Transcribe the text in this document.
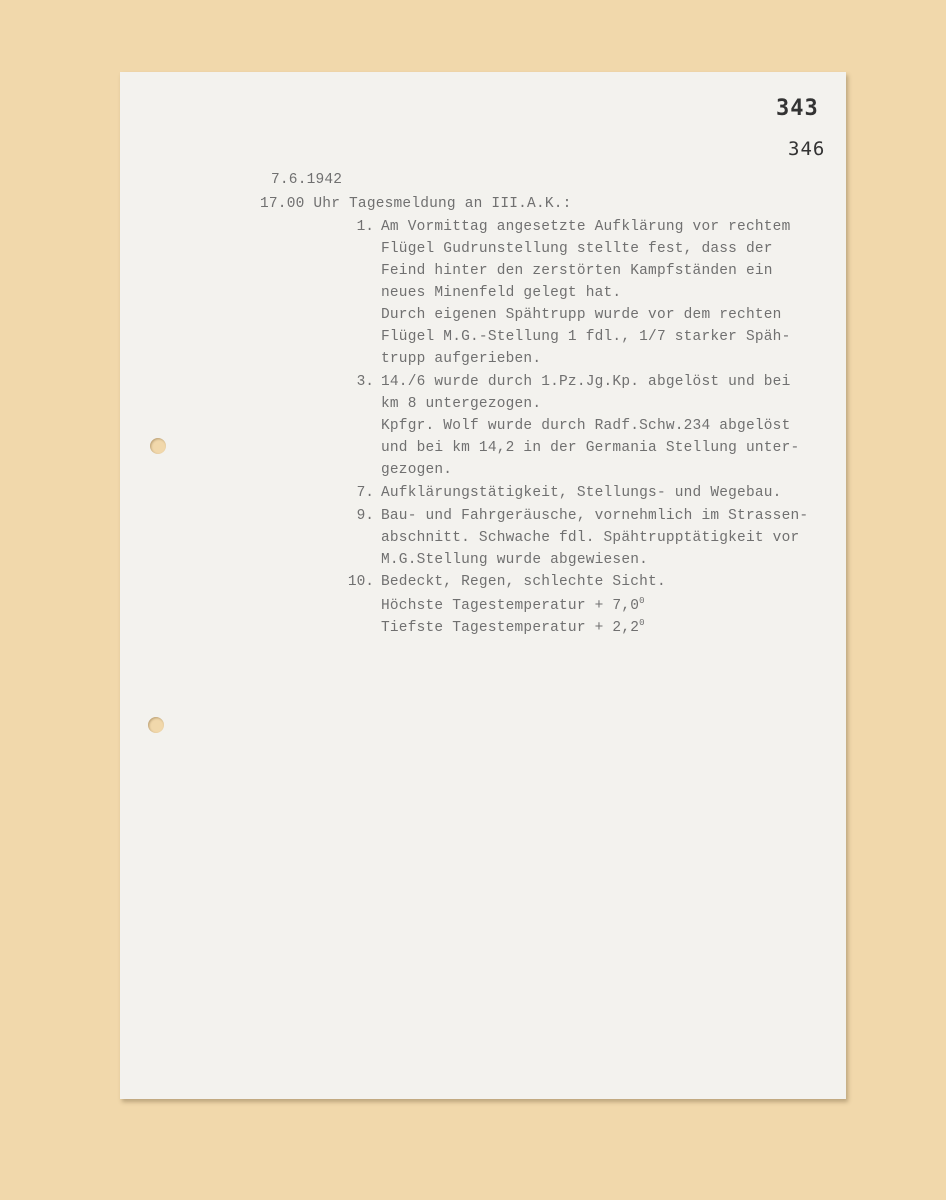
343
346
7.6.1942
17.00 Uhr Tagesmeldung an III.A.K.:
1. Am Vormittag angesetzte Aufklärung vor rechtem
Flügel Gudrunstellung stellte fest, dass der
Feind hinter den zerstörten Kampfständen ein
neues Minenfeld gelegt hat.
Durch eigenen Spähtrupp wurde vor dem rechten
Flügel M.G.-Stellung 1 fdl., 1/7 starker Späh-
trupp aufgerieben.
3. 14./6 wurde durch 1.Pz.Jg.Kp. abgelöst und bei
km 8 untergezogen.
Kpfgr. Wolf wurde durch Radf.Schw.234 abgelöst
und bei km 14,2 in der Germania Stellung unter-
gezogen.
7. Aufklärungstätigkeit, Stellungs- und Wegebau.
9. Bau- und Fahrgeräusche, vornehmlich im Strassen-
abschnitt. Schwache fdl. Spähtrupptätigkeit vor
M.G.Stellung wurde abgewiesen.
10. Bedeckt, Regen, schlechte Sicht.
Höchste Tagestemperatur + $7,0^0$
Tiefste Tagestemperatur + $2,2^0$
